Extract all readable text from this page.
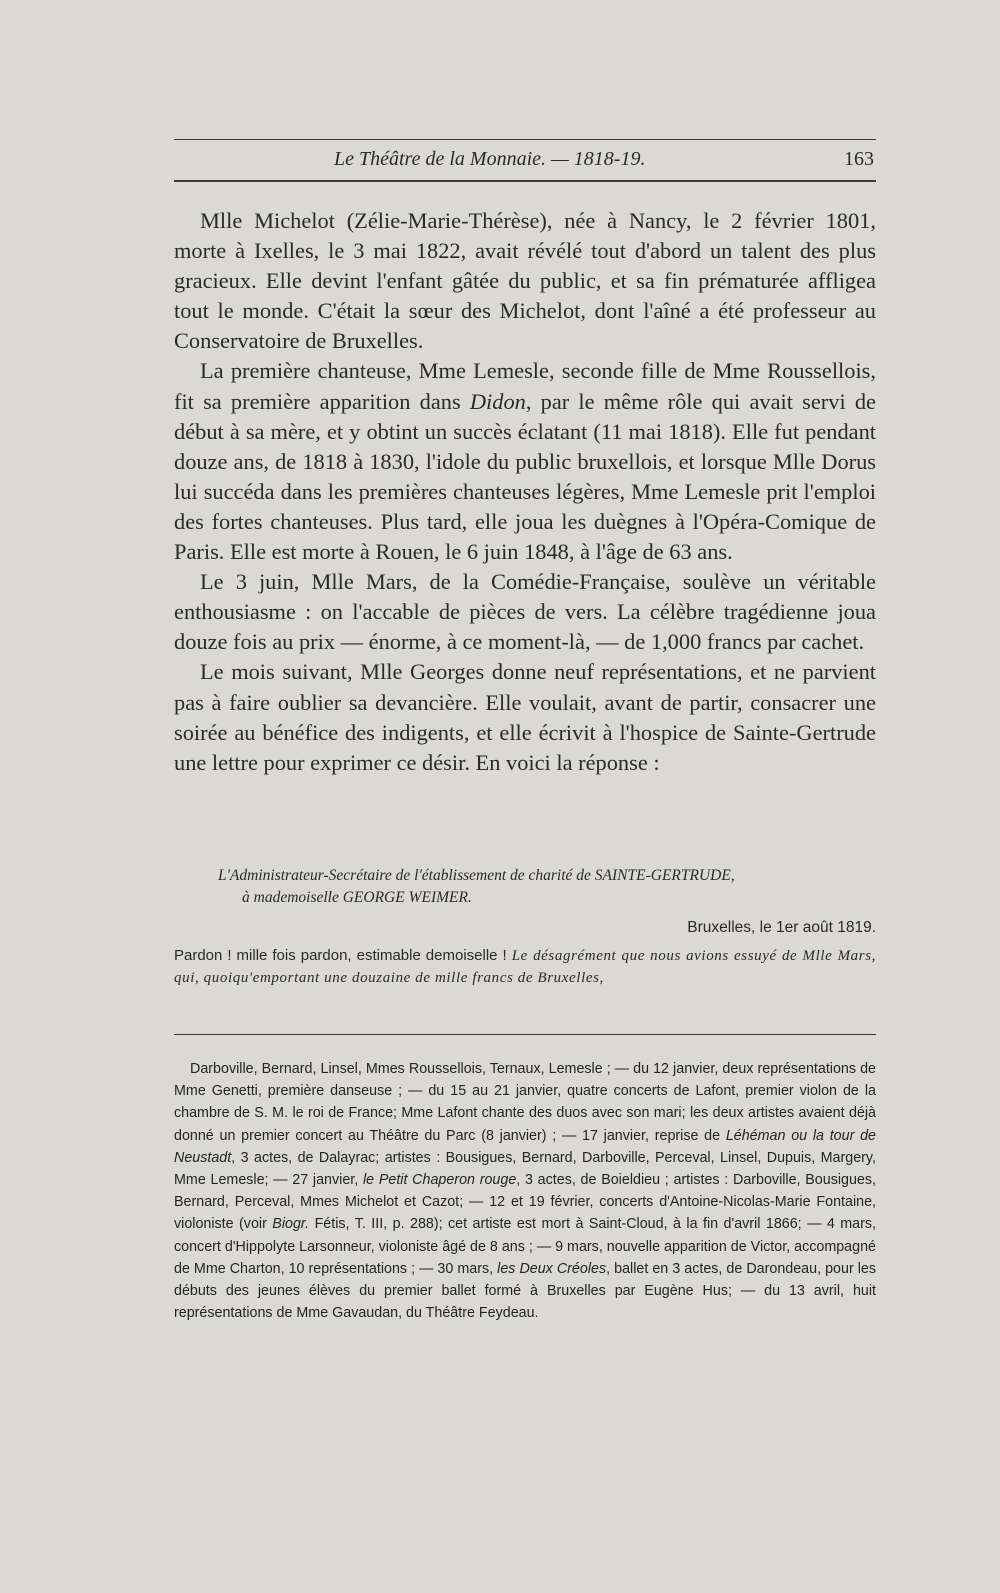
Le Théâtre de la Monnaie. — 1818-19.	163

Mlle Michelot (Zélie-Marie-Thérèse), née à Nancy, le 2 février 1801, morte à Ixelles, le 3 mai 1822, avait révélé tout d'abord un talent des plus gracieux. Elle devint l'enfant gâtée du public, et sa fin prématurée affligea tout le monde. C'était la sœur des Michelot, dont l'aîné a été professeur au Conservatoire de Bruxelles.

La première chanteuse, Mme Lemesle, seconde fille de Mme Roussellois, fit sa première apparition dans Didon, par le même rôle qui avait servi de début à sa mère, et y obtint un succès éclatant (11 mai 1818). Elle fut pendant douze ans, de 1818 à 1830, l'idole du public bruxellois, et lorsque Mlle Dorus lui succéda dans les premières chanteuses légères, Mme Lemesle prit l'emploi des fortes chanteuses. Plus tard, elle joua les duègnes à l'Opéra-Comique de Paris. Elle est morte à Rouen, le 6 juin 1848, à l'âge de 63 ans.

Le 3 juin, Mlle Mars, de la Comédie-Française, soulève un véritable enthousiasme : on l'accable de pièces de vers. La célèbre tragédienne joua douze fois au prix — énorme, à ce moment-là, — de 1,000 francs par cachet.

Le mois suivant, Mlle Georges donne neuf représentations, et ne parvient pas à faire oublier sa devancière. Elle voulait, avant de partir, consacrer une soirée au bénéfice des indigents, et elle écrivit à l'hospice de Sainte-Gertrude une lettre pour exprimer ce désir. En voici la réponse :

L'Administrateur-Secrétaire de l'établissement de charité de SAINTE-GERTRUDE,

à mademoiselle GEORGE WEIMER.

Bruxelles, le 1er août 1819.

Pardon ! mille fois pardon, estimable demoiselle ! Le désagrément que nous avions essuyé de Mlle Mars, qui, quoiqu'emportant une douzaine de mille francs de Bruxelles,

Darboville, Bernard, Linsel, Mmes Roussellois, Ternaux, Lemesle ; — du 12 janvier, deux représentations de Mme Genetti, première danseuse ; — du 15 au 21 janvier, quatre concerts de Lafont, premier violon de la chambre de S. M. le roi de France; Mme Lafont chante des duos avec son mari; les deux artistes avaient déjà donné un premier concert au Théâtre du Parc (8 janvier) ; — 17 janvier, reprise de Léhéman ou la tour de Neustadt, 3 actes, de Dalayrac; artistes : Bousigues, Bernard, Darboville, Perceval, Linsel, Dupuis, Margery, Mme Lemesle; — 27 janvier, le Petit Chaperon rouge, 3 actes, de Boieldieu ; artistes : Darboville, Bousigues, Bernard, Perceval, Mmes Michelot et Cazot; — 12 et 19 février, concerts d'Antoine-Nicolas-Marie Fontaine, violoniste (voir Biogr. Fétis, T. III, p. 288); cet artiste est mort à Saint-Cloud, à la fin d'avril 1866; — 4 mars, concert d'Hippolyte Larsonneur, violoniste âgé de 8 ans ; — 9 mars, nouvelle apparition de Victor, accompagné de Mme Charton, 10 représentations ; — 30 mars, les Deux Créoles, ballet en 3 actes, de Darondeau, pour les débuts des jeunes élèves du premier ballet formé à Bruxelles par Eugène Hus; — du 13 avril, huit représentations de Mme Gavaudan, du Théâtre Feydeau.
